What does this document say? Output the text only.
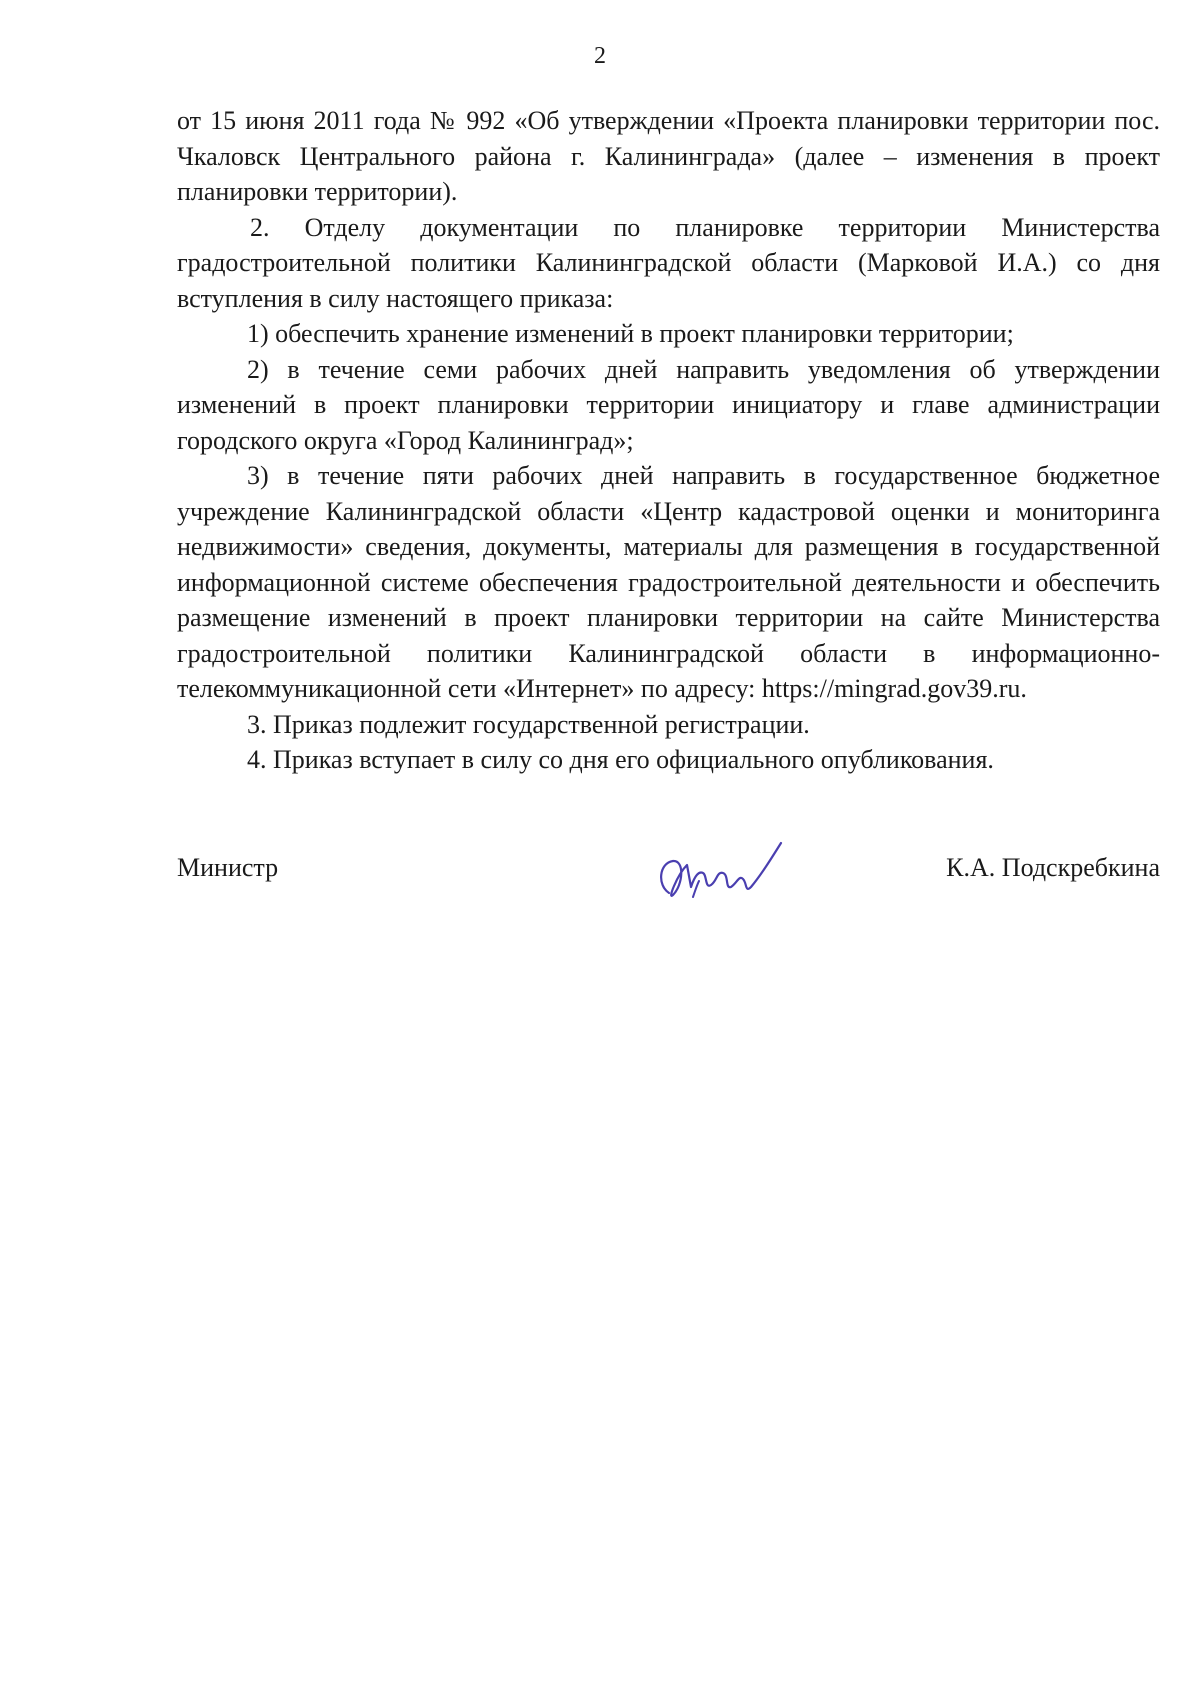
2

от 15 июня 2011 года № 992 «Об утверждении «Проекта планировки территории пос. Чкаловск Центрального района г. Калининграда» (далее – изменения в проект планировки территории).

2. Отделу документации по планировке территории Министерства градостроительной политики Калининградской области (Марковой И.А.) со дня вступления в силу настоящего приказа:

1) обеспечить хранение изменений в проект планировки территории;

2) в течение семи рабочих дней направить уведомления об утверждении изменений в проект планировки территории инициатору и главе администрации городского округа «Город Калининград»;

3) в течение пяти рабочих дней направить в государственное бюджетное учреждение Калининградской области «Центр кадастровой оценки и мониторинга недвижимости» сведения, документы, материалы для размещения в государственной информационной системе обеспечения градостроительной деятельности и обеспечить размещение изменений в проект планировки территории на сайте Министерства градостроительной политики Калининградской области в информационно-телекоммуникационной сети «Интернет» по адресу: https://mingrad.gov39.ru.

3. Приказ подлежит государственной регистрации.

4. Приказ вступает в силу со дня его официального опубликования.

Министр	К.А. Подскребкина
